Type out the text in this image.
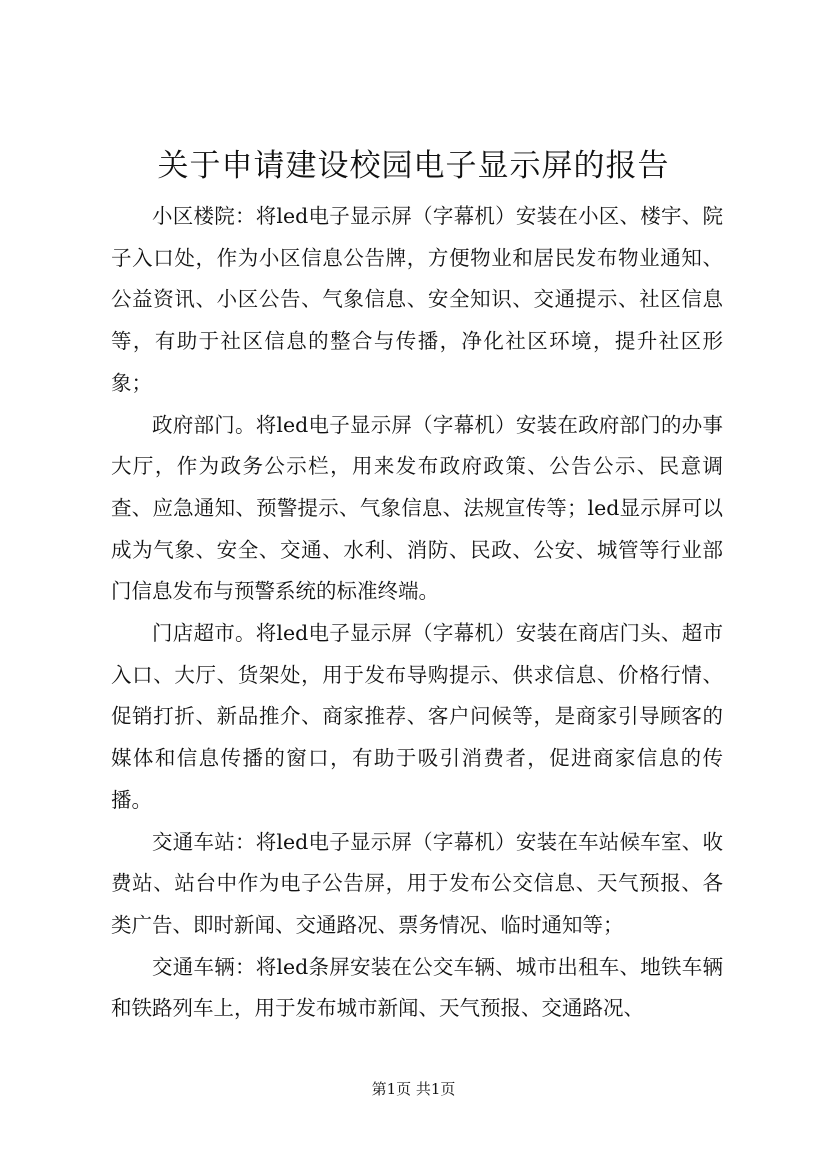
关于申请建设校园电子显示屏的报告

小区楼院：将led电子显示屏（字幕机）安装在小区、楼宇、院子入口处，作为小区信息公告牌，方便物业和居民发布物业通知、公益资讯、小区公告、气象信息、安全知识、交通提示、社区信息等，有助于社区信息的整合与传播，净化社区环境，提升社区形象；

政府部门。将led电子显示屏（字幕机）安装在政府部门的办事大厅，作为政务公示栏，用来发布政府政策、公告公示、民意调查、应急通知、预警提示、气象信息、法规宣传等；led显示屏可以成为气象、安全、交通、水利、消防、民政、公安、城管等行业部门信息发布与预警系统的标准终端。

门店超市。将led电子显示屏（字幕机）安装在商店门头、超市入口、大厅、货架处，用于发布导购提示、供求信息、价格行情、促销打折、新品推介、商家推荐、客户问候等，是商家引导顾客的媒体和信息传播的窗口，有助于吸引消费者，促进商家信息的传播。

交通车站：将led电子显示屏（字幕机）安装在车站候车室、收费站、站台中作为电子公告屏，用于发布公交信息、天气预报、各类广告、即时新闻、交通路况、票务情况、临时通知等；

交通车辆：将led条屏安装在公交车辆、城市出租车、地铁车辆和铁路列车上，用于发布城市新闻、天气预报、交通路况、

第1页 共1页
